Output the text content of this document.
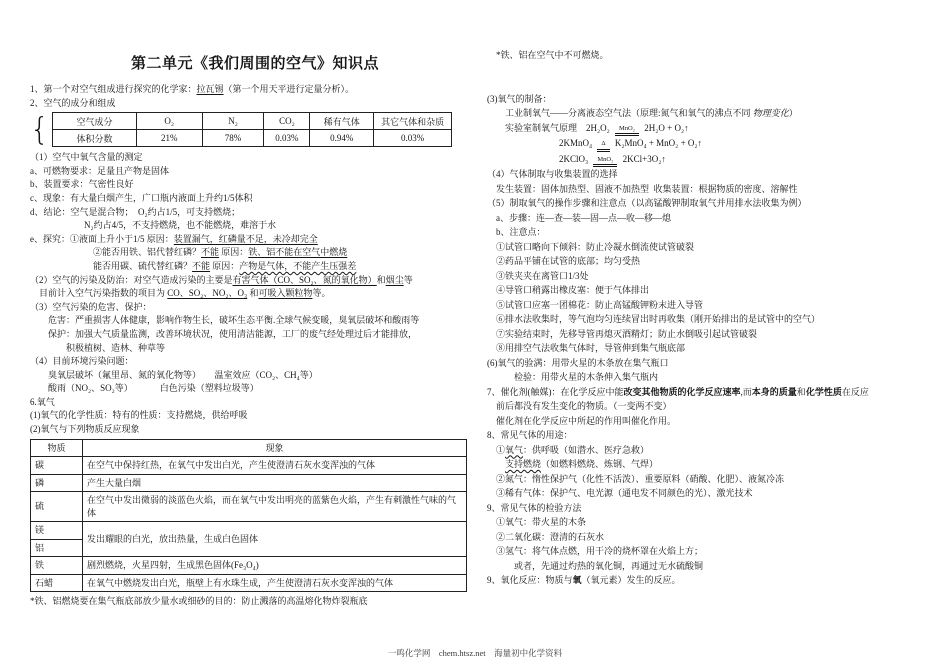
第二单元《我们周围的空气》知识点
1、第一个对空气组成进行探究的化学家：拉瓦锡（第一个用天平进行定量分析）。
2、空气的成分和组成
{	空气成分	O₂	N₂	CO₂	稀有气体	其它气体和杂质
体积分数	21%	78%	0.03%	0.94%	0.03%
（1）空气中氧气含量的测定
a、可燃物要求：足量且产物是固体
b、装置要求：气密性良好
c、现象：有大量白烟产生，广口瓶内液面上升约1/5体积
d、结论：空气是混合物；  O₂约占1/5，可支持燃烧；
N₂约占4/5，不支持燃烧，也不能燃烧，难溶于水
e、探究：①液面上升小于1/5 原因：装置漏气，红磷量不足，未冷却完全
②能否用铁、铝代替红磷？不能 原因：铁、铝不能在空气中燃烧
能否用碳、硫代替红磷？不能 原因：产物是气体，不能产生压强差
（2）空气的污染及防治：对空气造成污染的主要是有害气体（CO、SO₂、氮的氧化物）和烟尘等
目前计入空气污染指数的项目为 CO、SO₂、NO₂、O₃ 和可吸入颗粒物等。
（3）空气污染的危害、保护：
危害：严重损害人体健康，影响作物生长，破坏生态平衡.全球气候变暖，臭氧层破坏和酸雨等
保护：加强大气质量监测，改善环境状况，使用清洁能源，工厂的废气经处理过后才能排放，
积极植树、造林、种草等
（4）目前环境污染问题：
臭氧层破坏（氟里昂、氮的氧化物等）      温室效应（CO₂、CH₄等）
酸雨（NO₂、SO₂等）            白色污染（塑料垃圾等）
6.氧气
(1)氧气的化学性质：特有的性质：支持燃烧，供给呼吸
(2)氧气与下列物质反应现象
物质	现象
碳	在空气中保持红热，在氧气中发出白光，产生使澄清石灰水变浑浊的气体
磷	产生大量白烟
硫	在空气中发出微弱的淡蓝色火焰，而在氧气中发出明亮的蓝紫色火焰，产生有刺激性气味的气体
镁	发出耀眼的白光，放出热量，生成白色固体
铝	
铁	剧烈燃烧，火星四射，生成黑色固体(Fe₃O₄)
石蜡	在氧气中燃烧发出白光，瓶壁上有水珠生成，产生使澄清石灰水变浑浊的气体
*铁、铝燃烧要在集气瓶底部放少量水或细砂的目的：防止溅落的高温熔化物炸裂瓶底
*铁、铝在空气中不可燃烧。

(3)氧气的制备：
工业制氧气——分离液态空气法（原理:氮气和氧气的沸点不同 物理变化）
实验室制氧气原理    2H₂O₂ MnO₂ 2H₂O + O₂↑
2KMnO₄ Δ K₂MnO₄ + MnO₂ + O₂↑
2KClO₃ MnO₂ 2KCl+3O₂↑
（4）气体制取与收集装置的选择
发生装置：固体加热型、固液不加热型  收集装置：根据物质的密度、溶解性
（5）制取氧气的操作步骤和注意点（以高锰酸钾制取氧气并用排水法收集为例）
a、步骤：连—查—装—固—点—收—移—熄
b、注意点：
①试管口略向下倾斜：防止冷凝水倒流使试管破裂
②药品平铺在试管的底部；均匀受热
③铁夹夹在离管口1/3处
④导管口稍露出橡皮塞：便于气体排出
⑤试管口应塞一团棉花：防止高锰酸钾粉末进入导管
⑥排水法收集时，等气泡均匀连续冒出时再收集（刚开始排出的是试管中的空气）
⑦实验结束时，先移导管再熄灭酒精灯；防止水倒吸引起试管破裂
⑧用排空气法收集气体时，导管伸到集气瓶底部
(6)氧气的验满：用带火星的木条放在集气瓶口
检验：用带火星的木条伸入集气瓶内
7、催化剂(触媒)：在化学反应中能改变其他物质的化学反应速率,而本身的质量和化学性质在反应
前后都没有发生变化的物质。（一变两不变）
催化剂在化学反应中所起的作用叫催化作用。
8、常见气体的用途：
①氧气：供呼吸（如潜水、医疗急救）
支持燃烧（如燃料燃烧、炼钢、气焊）
②氮气：惰性保护气（化性不活泼）、重要原料（硝酸、化肥）、液氮冷冻
③稀有气体：保护气、电光源（通电发不同颜色的光）、激光技术
9、常见气体的检验方法
①氧气：带火星的木条
②二氧化碳：澄清的石灰水
③氢气：将气体点燃，用干冷的烧杯罩在火焰上方；
或者，先通过灼热的氧化铜，再通过无水硫酸铜
9、氧化反应：物质与氧（氧元素）发生的反应。
一鸣化学网    chem.htsz.net    海量初中化学资料
